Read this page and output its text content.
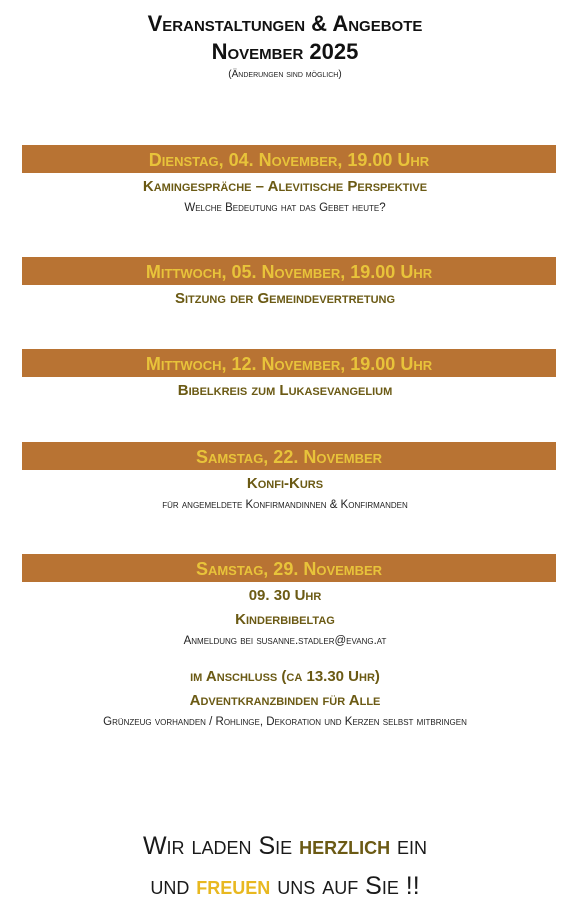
Veranstaltungen & Angebote
November 2025
(Änderungen sind möglich)
Dienstag, 04. November, 19.00 Uhr
Kamingespräche – Alevitische Perspektive
Welche Bedeutung hat das Gebet heute?
Mittwoch, 05. November, 19.00 Uhr
Sitzung der Gemeindevertretung
Mittwoch, 12. November, 19.00 Uhr
Bibelkreis zum Lukasevangelium
Samstag, 22. November
Konfi-Kurs
für angemeldete Konfirmandinnen & Konfirmanden
Samstag, 29. November
09. 30 Uhr
Kinderbibeltag
Anmeldung bei susanne.stadler@evang.at
im Anschluss (ca 13.30 Uhr)
Adventkranzbinden für Alle
Grünzeug vorhanden / Rohlinge, Dekoration und Kerzen selbst mitbringen
Wir laden Sie herzlich ein
und freuen uns auf Sie !!
